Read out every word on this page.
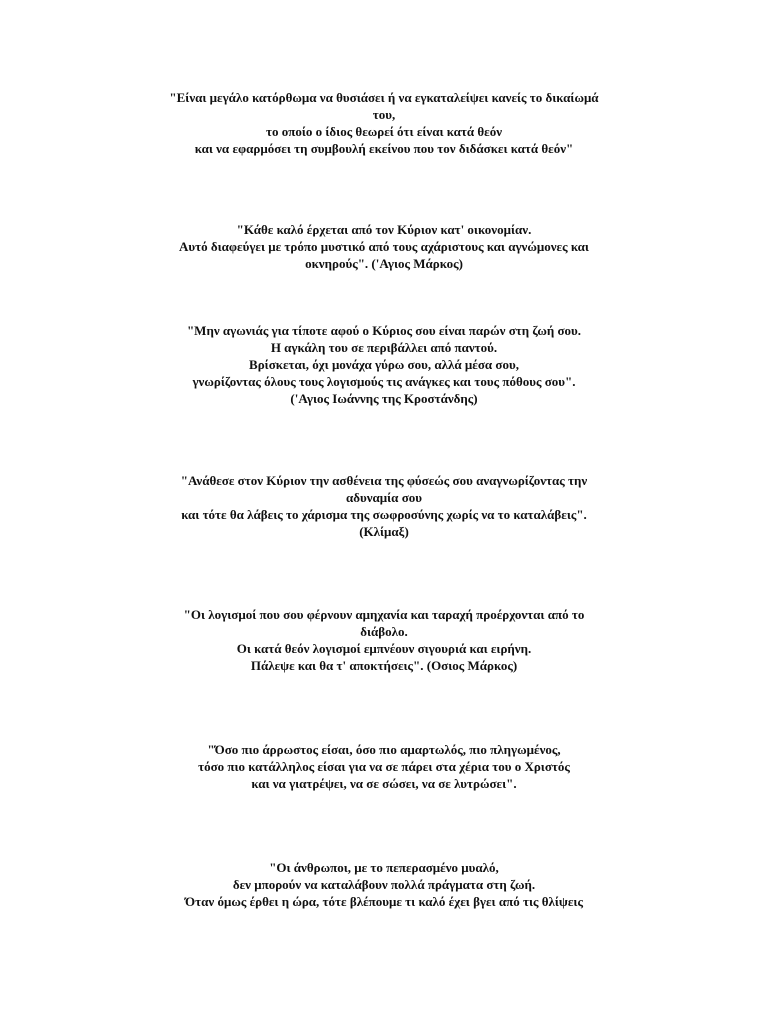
"Είναι μεγάλο κατόρθωμα να θυσιάσει ή να εγκαταλείψει κανείς το δικαίωμά
του,
το οποίο ο ίδιος θεωρεί ότι είναι κατά θεόν
και να εφαρμόσει τη συμβουλή εκείνου που τον διδάσκει κατά θεόν"
"Κάθε καλό έρχεται από τον Κύριον κατ' οικονομίαν.
Αυτό διαφεύγει με τρόπο μυστικό από τους αχάριστους και αγνώμονες και
οκνηρούς". ('Αγιος Μάρκος)
"Μην αγωνιάς για τίποτε αφού ο Κύριος σου είναι παρών στη ζωή σου.
Η αγκάλη του σε περιβάλλει από παντού.
Βρίσκεται, όχι μονάχα γύρω σου, αλλά μέσα σου,
γνωρίζοντας όλους τους λογισμούς τις ανάγκες και τους πόθους σου".
('Αγιος Ιωάννης της Κροστάνδης)
"Ανάθεσε στον Κύριον την ασθένεια της φύσεώς σου αναγνωρίζοντας την
αδυναμία σου
και τότε θα λάβεις το χάρισμα της σωφροσύνης χωρίς να το καταλάβεις".
(Κλίμαξ)
"Οι λογισμοί που σου φέρνουν αμηχανία και ταραχή προέρχονται από το
διάβολο.
Οι κατά θεόν λογισμοί εμπνέουν σιγουριά και ειρήνη.
Πάλεψε και θα τ' αποκτήσεις". (Οσιος Μάρκος)
"Όσο πιο άρρωστος είσαι, όσο πιο αμαρτωλός, πιο πληγωμένος,
τόσο πιο κατάλληλος είσαι για να σε πάρει στα χέρια του ο Χριστός
και να γιατρέψει, να σε σώσει, να σε λυτρώσει".
"Οι άνθρωποι, με το πεπερασμένο μυαλό,
δεν μπορούν να καταλάβουν πολλά πράγματα στη ζωή.
Όταν όμως έρθει η ώρα, τότε βλέπουμε τι καλό έχει βγει από τις θλίψεις
